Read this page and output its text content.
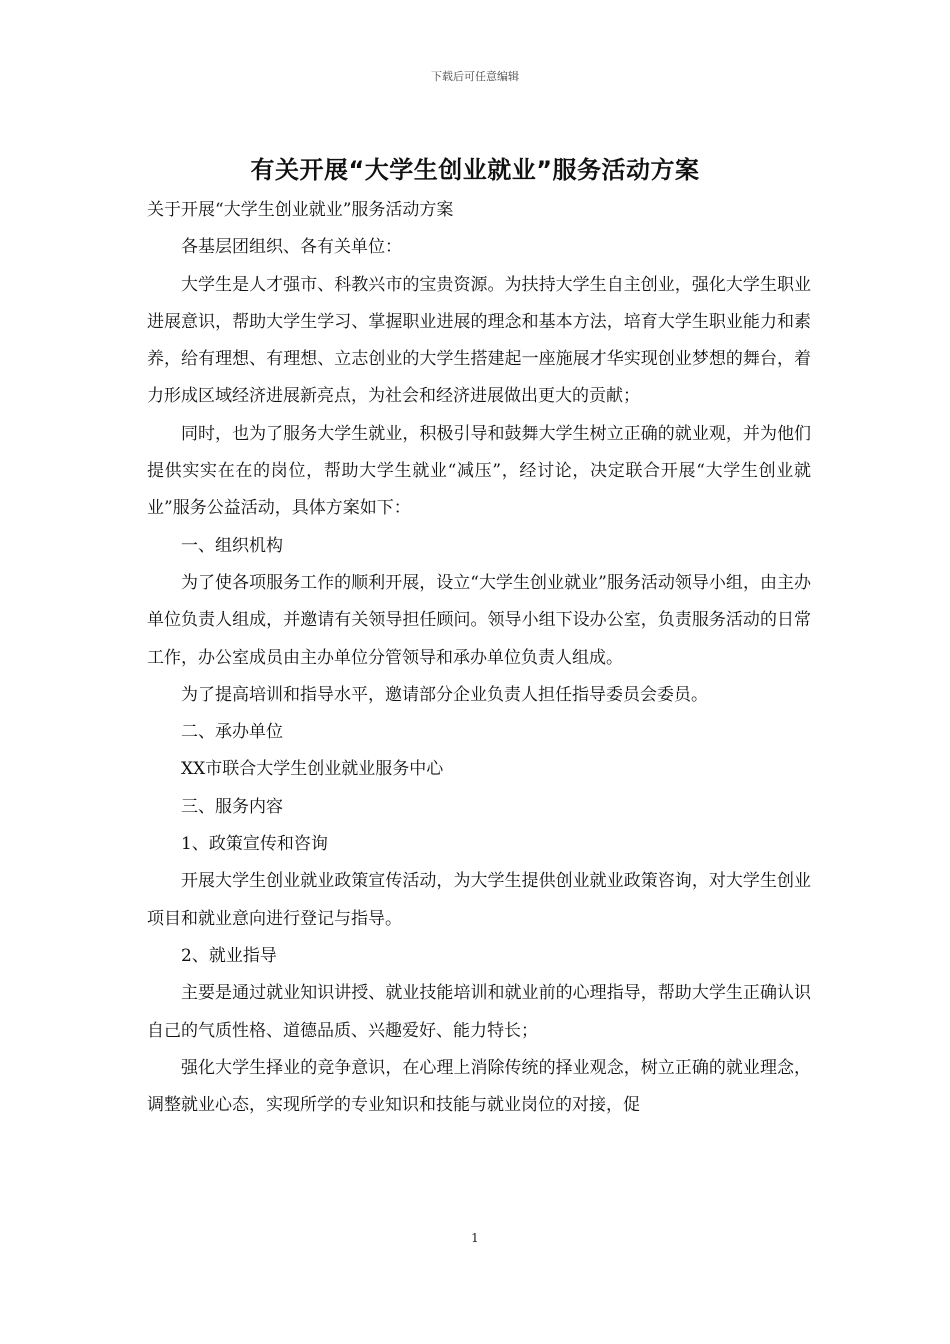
下载后可任意编辑
有关开展“大学生创业就业”服务活动方案

关于开展“大学生创业就业”服务活动方案

各基层团组织、各有关单位：

大学生是人才强市、科教兴市的宝贵资源。为扶持大学生自主创业，强化大学生职业进展意识，帮助大学生学习、掌握职业进展的理念和基本方法，培育大学生职业能力和素养，给有理想、有理想、立志创业的大学生搭建起一座施展才华实现创业梦想的舞台，着力形成区域经济进展新亮点，为社会和经济进展做出更大的贡献；

同时，也为了服务大学生就业，积极引导和鼓舞大学生树立正确的就业观，并为他们提供实实在在的岗位，帮助大学生就业“减压”，经讨论，决定联合开展“大学生创业就业”服务公益活动，具体方案如下：

一、组织机构

为了使各项服务工作的顺利开展，设立“大学生创业就业”服务活动领导小组，由主办单位负责人组成，并邀请有关领导担任顾问。领导小组下设办公室，负责服务活动的日常工作，办公室成员由主办单位分管领导和承办单位负责人组成。

为了提高培训和指导水平，邀请部分企业负责人担任指导委员会委员。

二、承办单位

XX市联合大学生创业就业服务中心

三、服务内容

1、政策宣传和咨询

开展大学生创业就业政策宣传活动，为大学生提供创业就业政策咨询，对大学生创业项目和就业意向进行登记与指导。

2、就业指导

主要是通过就业知识讲授、就业技能培训和就业前的心理指导，帮助大学生正确认识自己的气质性格、道德品质、兴趣爱好、能力特长；

强化大学生择业的竞争意识，在心理上消除传统的择业观念，树立正确的就业理念，调整就业心态，实现所学的专业知识和技能与就业岗位的对接，促

1
